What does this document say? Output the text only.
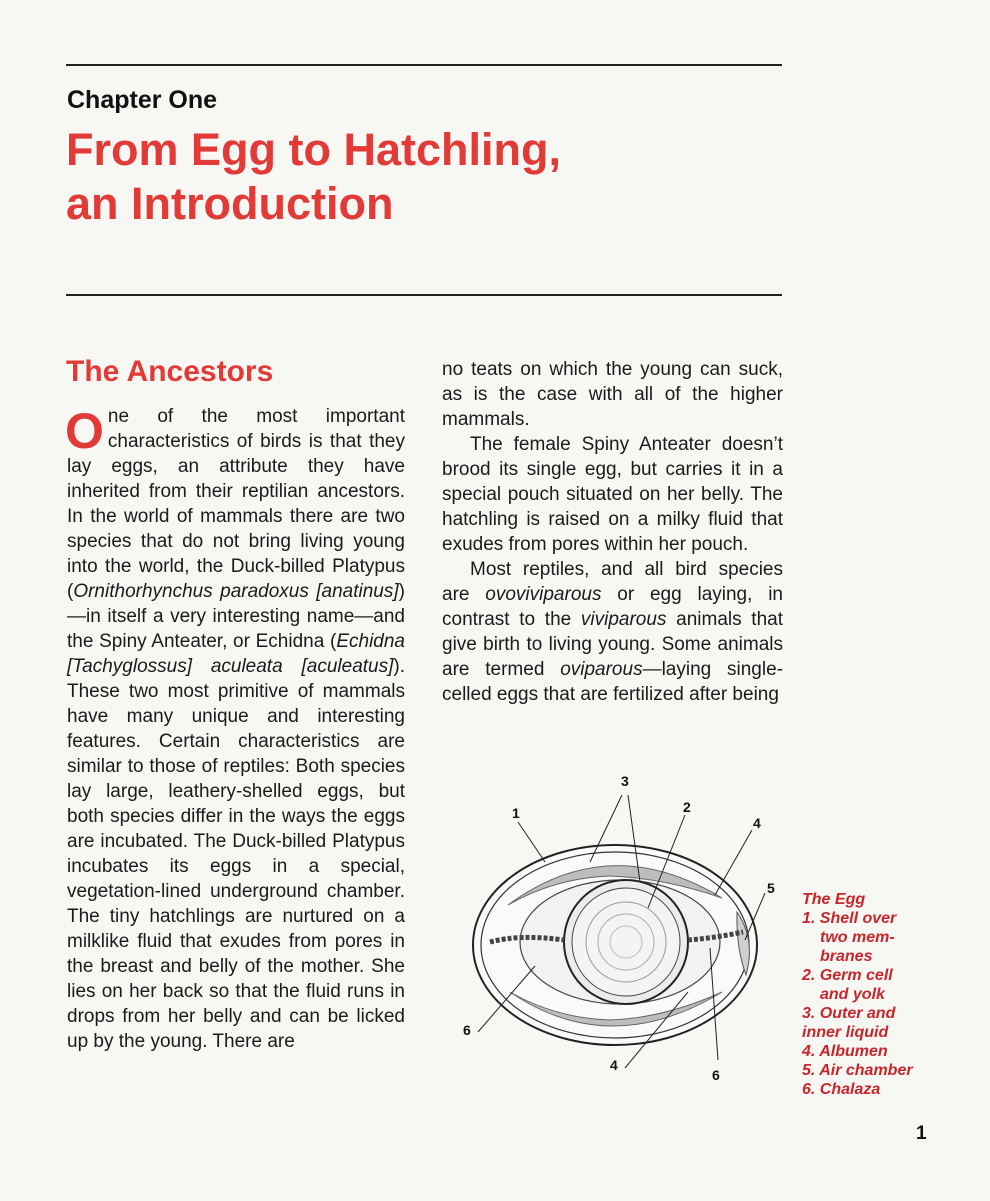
Chapter One
From Egg to Hatchling,
an Introduction
The Ancestors

One of the most important characteristics of birds is that they lay eggs, an attribute they have inherited from their reptilian ancestors. In the world of mammals there are two species that do not bring living young into the world, the Duck-billed Platypus (Ornithorhynchus paradoxus [anatinus])—in itself a very interesting name—and the Spiny Anteater, or Echidna (Echidna [Tachyglossus] aculeata [aculeatus]). These two most primitive of mammals have many unique and interesting features. Certain characteristics are similar to those of reptiles: Both species lay large, leathery-shelled eggs, but both species differ in the ways the eggs are incubated. The Duck-billed Platypus incubates its eggs in a special, vegetation-lined underground chamber. The tiny hatchlings are nurtured on a milklike fluid that exudes from pores in the breast and belly of the mother. She lies on her back so that the fluid runs in drops from her belly and can be licked up by the young. There are

no teats on which the young can suck, as is the case with all of the higher mammals.

The female Spiny Anteater doesn’t brood its single egg, but carries it in a special pouch situated on her belly. The hatchling is raised on a milky fluid that exudes from pores within her pouch.

Most reptiles, and all bird species are ovoviviparous or egg laying, in contrast to the viviparous animals that give birth to living young. Some animals are termed oviparous—laying single-celled eggs that are fertilized after being

1	2
3
4
5
6
4
6
The Egg
1. Shell over
two mem-
branes
2. Germ cell
and yolk
3. Outer and
inner liquid
4. Albumen
5. Air chamber
6. Chalaza
1
